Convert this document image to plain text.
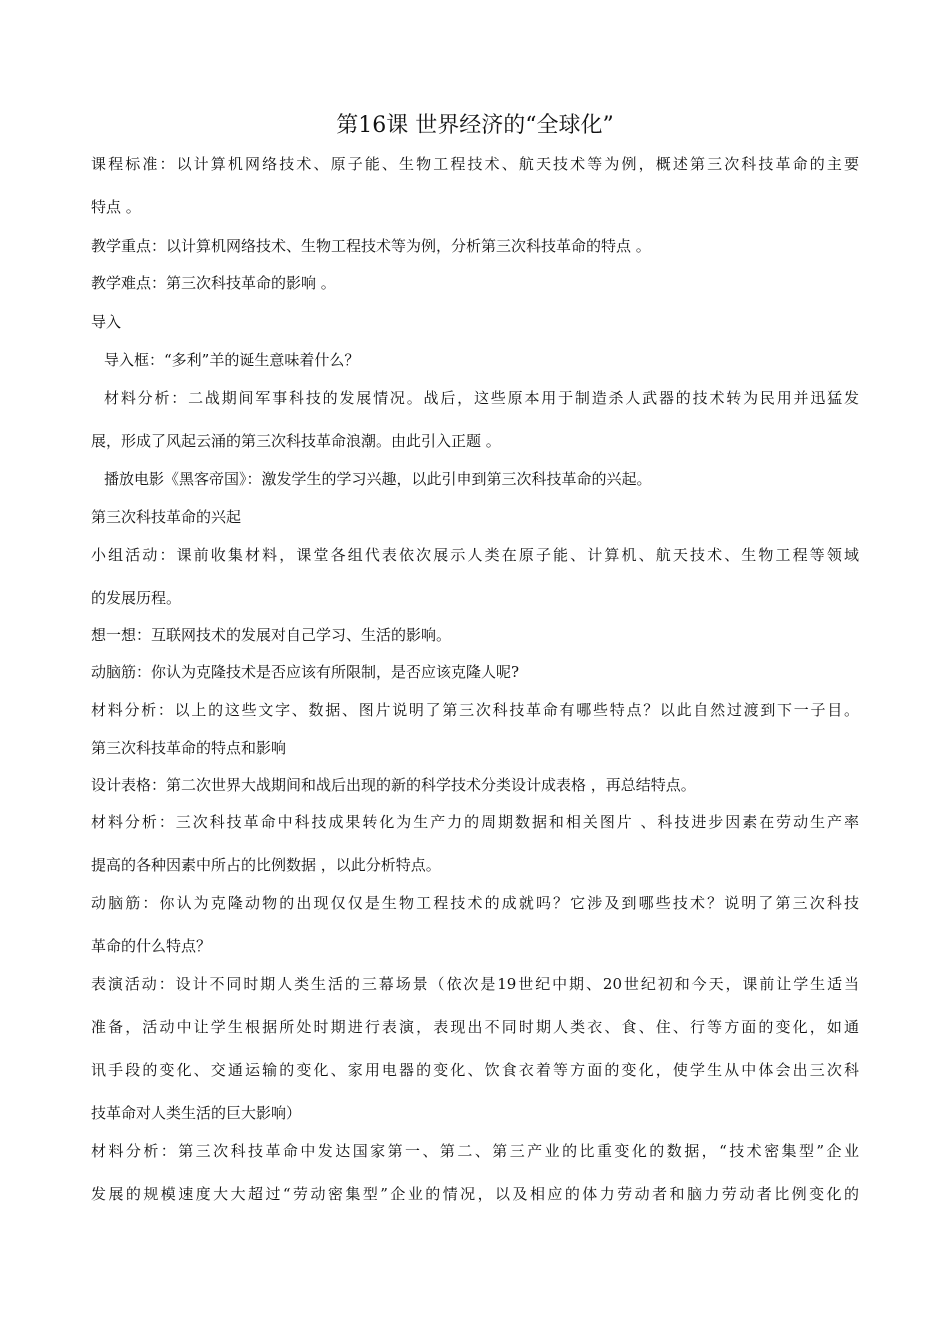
第16课 世界经济的“全球化”
课程标准：以计算机网络技术、原子能、生物工程技术、航天技术等为例，概述第三次科技革命的主要
特点 。
教学重点：以计算机网络技术、生物工程技术等为例，分析第三次科技革命的特点 。
教学难点：第三次科技革命的影响 。
导入
导入框：“多利”羊的诞生意味着什么？
材料分析：二战期间军事科技的发展情况。战后，这些原本用于制造杀人武器的技术转为民用并迅猛发
展，形成了风起云涌的第三次科技革命浪潮。由此引入正题 。
播放电影《黑客帝国》：激发学生的学习兴趣，以此引申到第三次科技革命的兴起。
第三次科技革命的兴起
小组活动：课前收集材料，课堂各组代表依次展示人类在原子能、计算机、航天技术、生物工程等领域
的发展历程。
想一想：互联网技术的发展对自己学习、生活的影响。
动脑筋：你认为克隆技术是否应该有所限制，是否应该克隆人呢?
材料分析：以上的这些文字、数据、图片说明了第三次科技革命有哪些特点？以此自然过渡到下一子目。
第三次科技革命的特点和影响
设计表格：第二次世界大战期间和战后出现的新的科学技术分类设计成表格 ，再总结特点。
材料分析：三次科技革命中科技成果转化为生产力的周期数据和相关图片 、科技进步因素在劳动生产率
提高的各种因素中所占的比例数据 ，以此分析特点。
动脑筋：你认为克隆动物的出现仅仅是生物工程技术的成就吗？它涉及到哪些技术？说明了第三次科技
革命的什么特点？
表演活动：设计不同时期人类生活的三幕场景（依次是19世纪中期、20世纪初和今天，课前让学生适当
准备，活动中让学生根据所处时期进行表演，表现出不同时期人类衣、食、住、行等方面的变化，如通
讯手段的变化、交通运输的变化、家用电器的变化、饮食衣着等方面的变化，使学生从中体会出三次科
技革命对人类生活的巨大影响）
材料分析：第三次科技革命中发达国家第一、第二、第三产业的比重变化的数据，“技术密集型”企业
发展的规模速度大大超过“劳动密集型”企业的情况，以及相应的体力劳动者和脑力劳动者比例变化的
